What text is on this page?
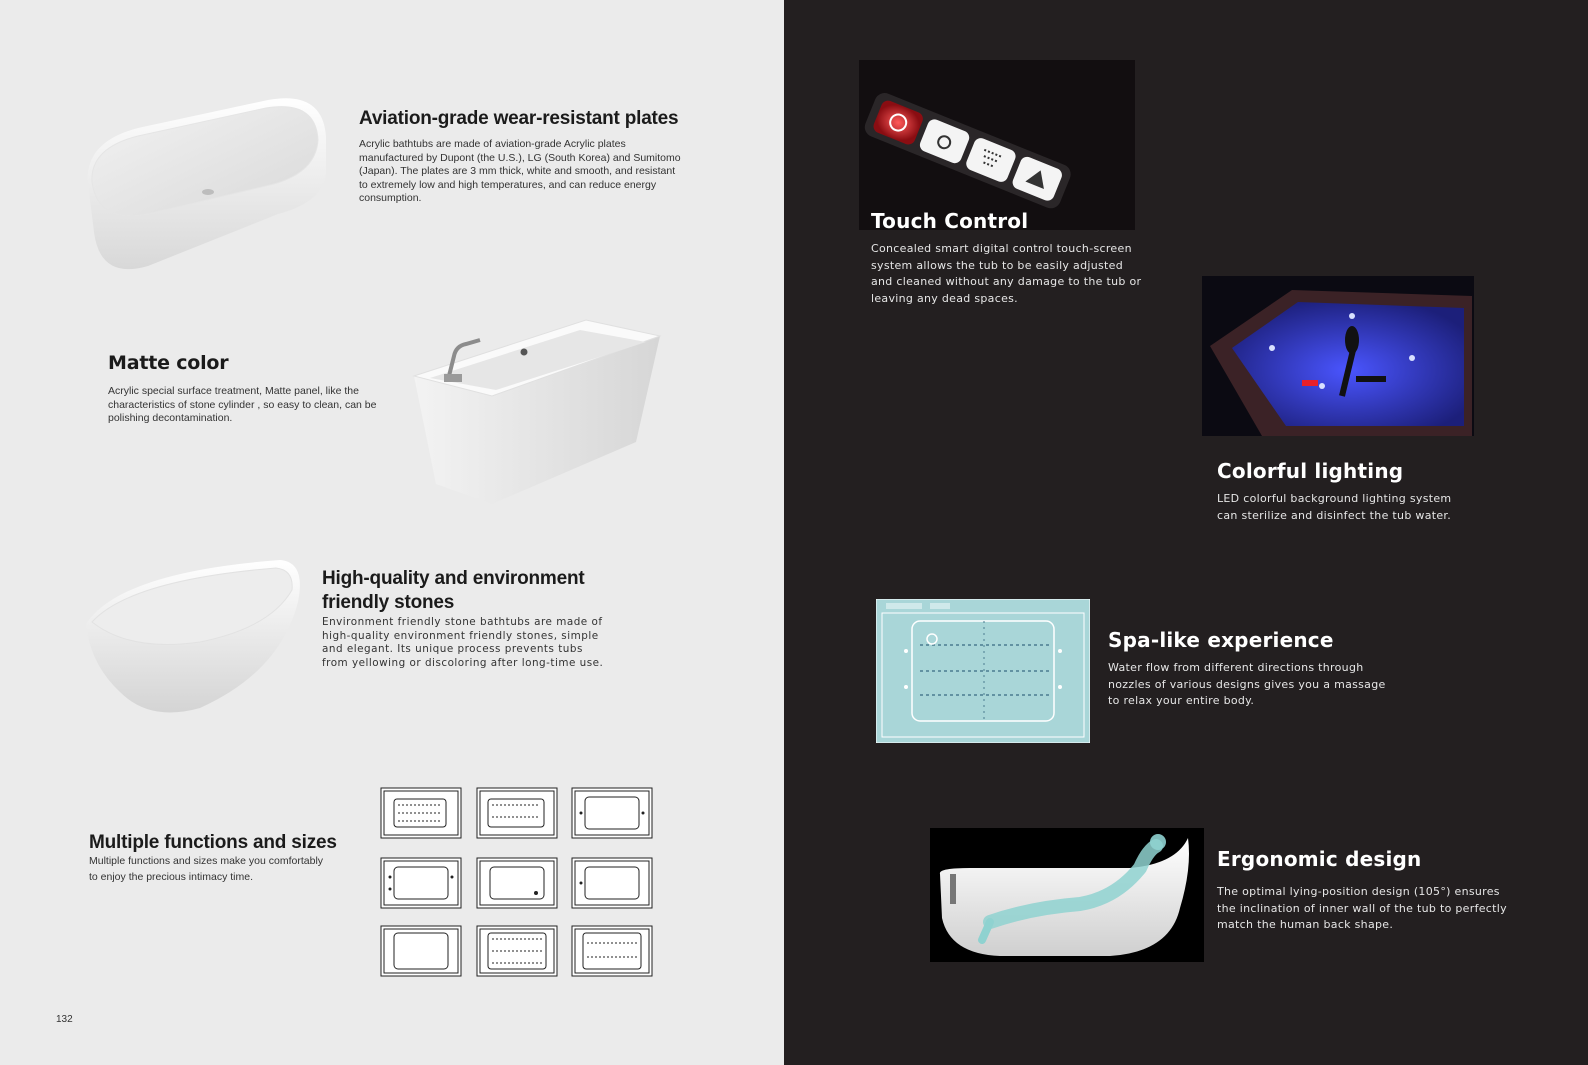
Aviation-grade wear-resistant plates
Acrylic bathtubs are made of aviation-grade Acrylic plates
manufactured by Dupont (the U.S.), LG (South Korea) and Sumitomo
(Japan). The plates are 3 mm thick, white and smooth, and resistant
to extremely low and high temperatures, and can reduce energy
consumption.
Matte color
Acrylic special surface treatment, Matte panel, like the
characteristics of stone cylinder , so easy to clean, can be
polishing decontamination.
High-quality and environment
friendly stones
Environment friendly stone bathtubs are made of
high-quality environment friendly stones, simple
and elegant. Its unique process prevents tubs
from yellowing or discoloring after long-time use.
Multiple functions and sizes
Multiple functions and sizes make you comfortably
to enjoy the precious intimacy time.
132
Touch Control
Concealed smart digital control touch-screen
system allows the tub to be easily adjusted
and cleaned without any damage to the tub or
leaving any dead spaces.
Colorful lighting
LED colorful background lighting system
can sterilize and disinfect the tub water.
Spa-like experience
Water flow from different directions through
nozzles of various designs gives you a massage
to relax your entire body.
Ergonomic design
The optimal lying-position design (105°) ensures
the inclination of inner wall of the tub to perfectly
match the human back shape.
